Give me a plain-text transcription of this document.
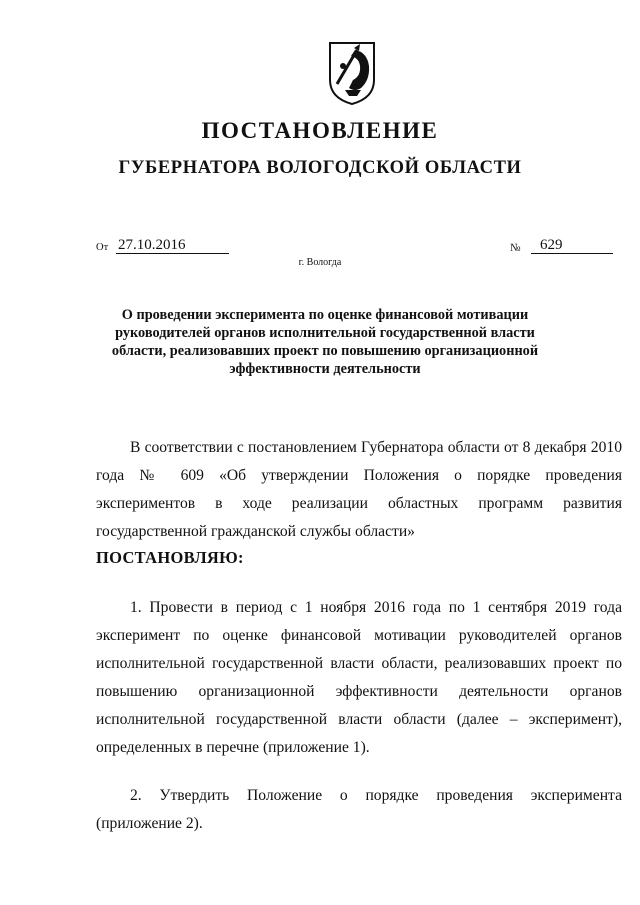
ПОСТАНОВЛЕНИЕ
ГУБЕРНАТОРА ВОЛОГОДСКОЙ ОБЛАСТИ
От 27.10.2016	№ 629
г. Вологда
О проведении эксперимента по оценке финансовой мотивации руководителей органов исполнительной государственной власти области, реализовавших проект по повышению организационной эффективности деятельности
В соответствии с постановлением Губернатора области от 8 декабря 2010 года № 609 «Об утверждении Положения о порядке проведения экспериментов в ходе реализации областных программ развития государственной гражданской службы области»
ПОСТАНОВЛЯЮ:
1. Провести в период с 1 ноября 2016 года по 1 сентября 2019 года эксперимент по оценке финансовой мотивации руководителей органов исполнительной государственной власти области, реализовавших проект по повышению организационной эффективности деятельности органов исполнительной государственной власти области (далее – эксперимент), определенных в перечне (приложение 1).
2. Утвердить Положение о порядке проведения эксперимента (приложение 2).
